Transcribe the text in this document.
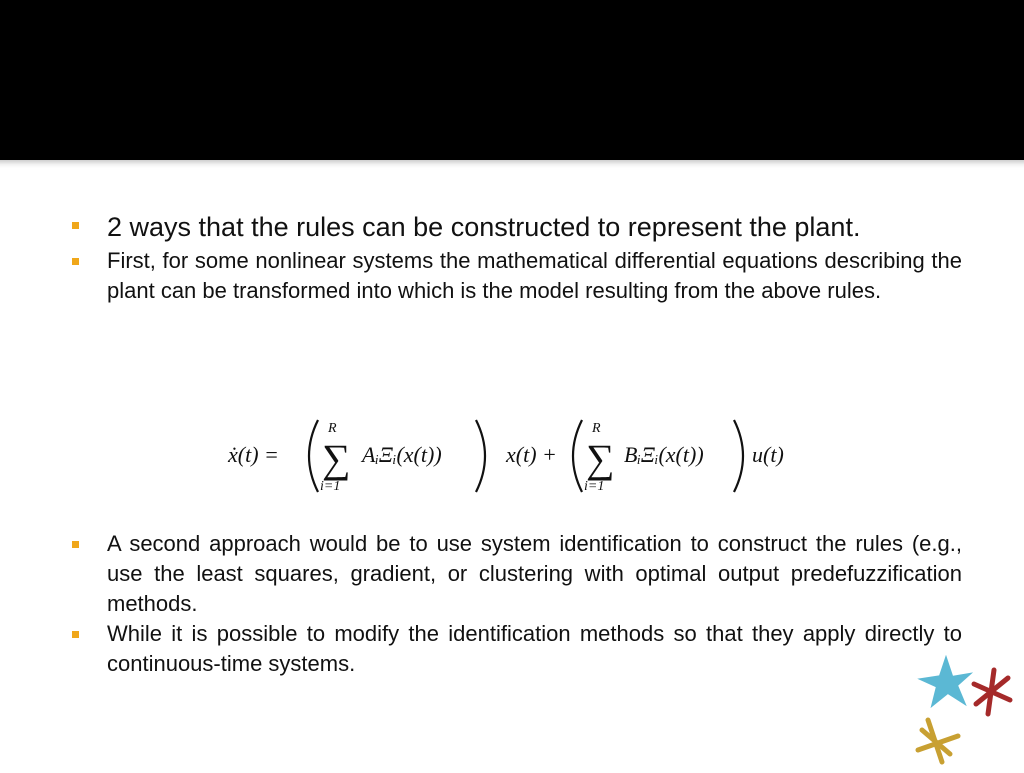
2 ways that the rules can be constructed to represent the plant.
First, for some nonlinear systems the mathematical differential equations describing the plant can be transformed into which is the model resulting from the above rules.
ẋ(t) =
R
∑
i=1
AᵢΞᵢ(x(t))	x(t) +
R
∑
i=1
BᵢΞᵢ(x(t)) u(t)
A second approach would be to use system identification to construct the rules (e.g., use the least squares, gradient, or clustering with optimal output predefuzzification methods.
While it is possible to modify the identification methods so that they apply directly to continuous-time systems.
